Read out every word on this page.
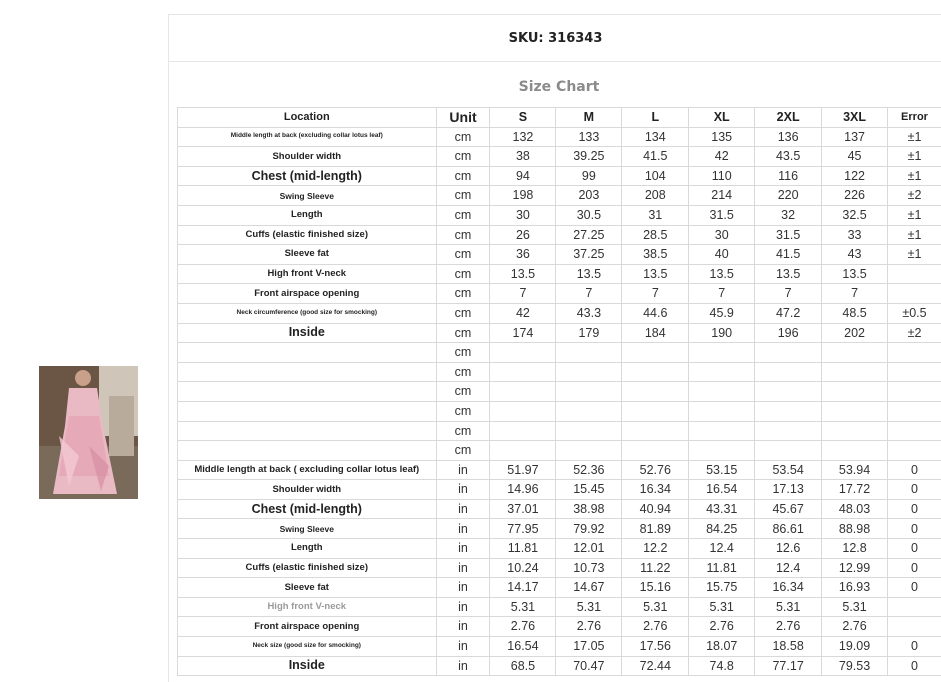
SKU: 316343
Size Chart
Location	Unit	S	M	L	XL	2XL	3XL	Error
Middle length at back (excluding collar lotus leaf)	cm	132	133	134	135	136	137	±1
Shoulder width	cm	38	39.25	41.5	42	43.5	45	±1
Chest (mid-length)	cm	94	99	104	110	116	122	±1
Swing Sleeve	cm	198	203	208	214	220	226	±2
Length	cm	30	30.5	31	31.5	32	32.5	±1
Cuffs (elastic finished size)	cm	26	27.25	28.5	30	31.5	33	±1
Sleeve fat	cm	36	37.25	38.5	40	41.5	43	±1
High front V-neck	cm	13.5	13.5	13.5	13.5	13.5	13.5	
Front airspace opening	cm	7	7	7	7	7	7	
Neck circumference (good size for smocking)	cm	42	43.3	44.6	45.9	47.2	48.5	±0.5
Inside	cm	174	179	184	190	196	202	±2
	cm							
	cm							
	cm							
	cm							
	cm							
	cm							
Middle length at back ( excluding collar lotus leaf)	in	51.97	52.36	52.76	53.15	53.54	53.94	0
Shoulder width	in	14.96	15.45	16.34	16.54	17.13	17.72	0
Chest (mid-length)	in	37.01	38.98	40.94	43.31	45.67	48.03	0
Swing Sleeve	in	77.95	79.92	81.89	84.25	86.61	88.98	0
Length	in	11.81	12.01	12.2	12.4	12.6	12.8	0
Cuffs (elastic finished size)	in	10.24	10.73	11.22	11.81	12.4	12.99	0
Sleeve fat	in	14.17	14.67	15.16	15.75	16.34	16.93	0
High front V-neck	in	5.31	5.31	5.31	5.31	5.31	5.31	
Front airspace opening	in	2.76	2.76	2.76	2.76	2.76	2.76	
Neck size (good size for smocking)	in	16.54	17.05	17.56	18.07	18.58	19.09	0
Inside	in	68.5	70.47	72.44	74.8	77.17	79.53	0
